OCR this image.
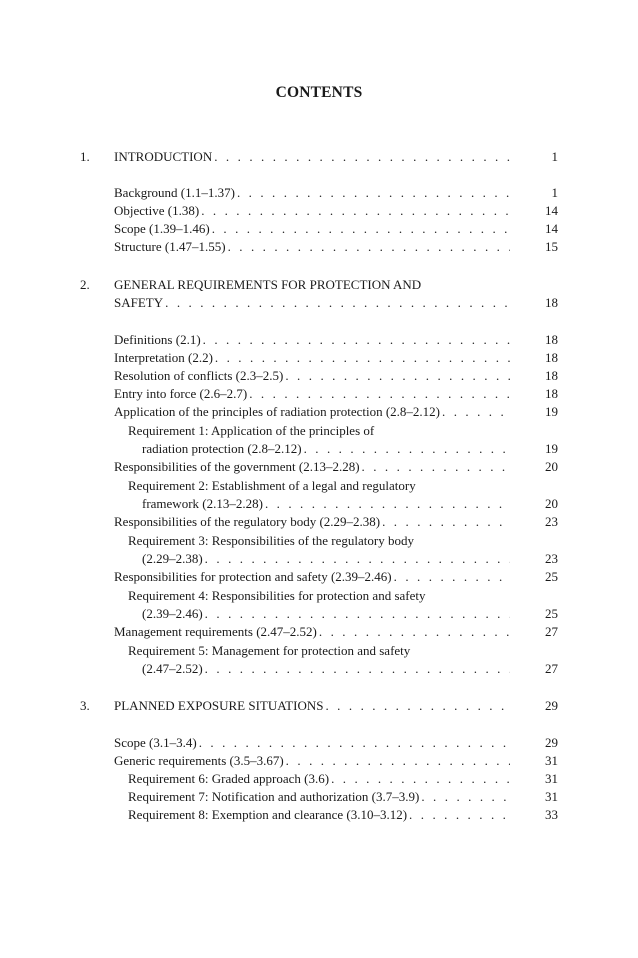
CONTENTS
1. INTRODUCTION . . .	1
Background (1.1–1.37) . . .	1
Objective (1.38) . . .	14
Scope (1.39–1.46) . . .	14
Structure (1.47–1.55) . . .	15
2. GENERAL REQUIREMENTS FOR PROTECTION AND
SAFETY . . .	18
Definitions (2.1) . . .	18
Interpretation (2.2) . . .	18
Resolution of conflicts (2.3–2.5) . . .	18
Entry into force (2.6–2.7) . . .	18
Application of the principles of radiation protection (2.8–2.12) . . .	19
Requirement 1: Application of the principles of
radiation protection (2.8–2.12) . . .	19
Responsibilities of the government (2.13–2.28) . . .	20
Requirement 2: Establishment of a legal and regulatory
framework (2.13–2.28) . . .	20
Responsibilities of the regulatory body (2.29–2.38) . . .	23
Requirement 3: Responsibilities of the regulatory body
(2.29–2.38) . . .	23
Responsibilities for protection and safety (2.39–2.46) . . .	25
Requirement 4: Responsibilities for protection and safety
(2.39–2.46) . . .	25
Management requirements (2.47–2.52) . . .	27
Requirement 5: Management for protection and safety
(2.47–2.52) . . .	27
3. PLANNED EXPOSURE SITUATIONS . . .	29
Scope (3.1–3.4) . . .	29
Generic requirements (3.5–3.67) . . .	31
Requirement 6: Graded approach (3.6) . . .	31
Requirement 7: Notification and authorization (3.7–3.9) . . .	31
Requirement 8: Exemption and clearance (3.10–3.12) . . .	33
